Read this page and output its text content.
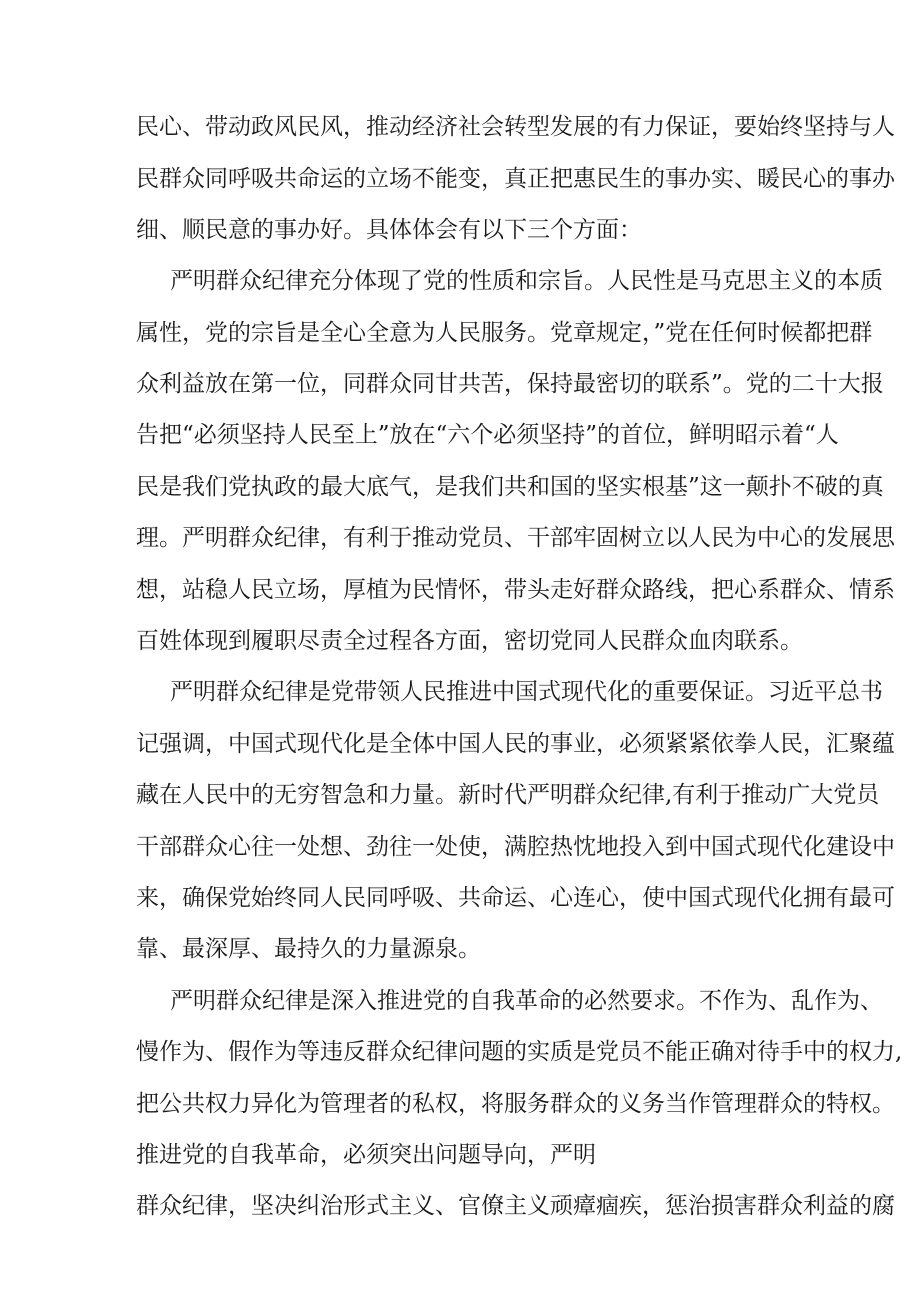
民心、带动政风民风，推动经济社会转型发展的有力保证，要始终坚持与人

民群众同呼吸共命运的立场不能变，真正把惠民生的事办实、暖民心的事办

细、顺民意的事办好。具体体会有以下三个方面：

严明群众纪律充分体现了党的性质和宗旨。人民性是马克思主义的本质

属性，党的宗旨是全心全意为人民服务。党章规定，”党在任何时候都把群

众利益放在第一位，同群众同甘共苦，保持最密切的联系”。党的二十大报

告把“必须坚持人民至上”放在“六个必须坚持”的首位，鲜明昭示着“人

民是我们党执政的最大底气，是我们共和国的坚实根基”这一颠扑不破的真

理。严明群众纪律，有利于推动党员、干部牢固树立以人民为中心的发展思

想，站稳人民立场，厚植为民情怀，带头走好群众路线，把心系群众、情系

百姓体现到履职尽责全过程各方面，密切党同人民群众血肉联系。

严明群众纪律是党带领人民推进中国式现代化的重要保证。习近平总书

记强调，中国式现代化是全体中国人民的事业，必须紧紧依拳人民，汇聚蕴

藏在人民中的无穷智急和力量。新时代严明群众纪律,有利于推动广大党员

干部群众心往一处想、劲往一处使，满腔热忱地投入到中国式现代化建设中

来，确保党始终同人民同呼吸、共命运、心连心，使中国式现代化拥有最可

靠、最深厚、最持久的力量源泉。

严明群众纪律是深入推进党的自我革命的必然要求。不作为、乱作为、

慢作为、假作为等违反群众纪律问题的实质是党员不能正确对待手中的权力,

把公共权力异化为管理者的私权，将服务群众的义务当作管理群众的特权。

推进党的自我革命，必须突出问题导向，严明

群众纪律，坚决纠治形式主义、官僚主义顽瘴痼疾，惩治损害群众利益的腐
